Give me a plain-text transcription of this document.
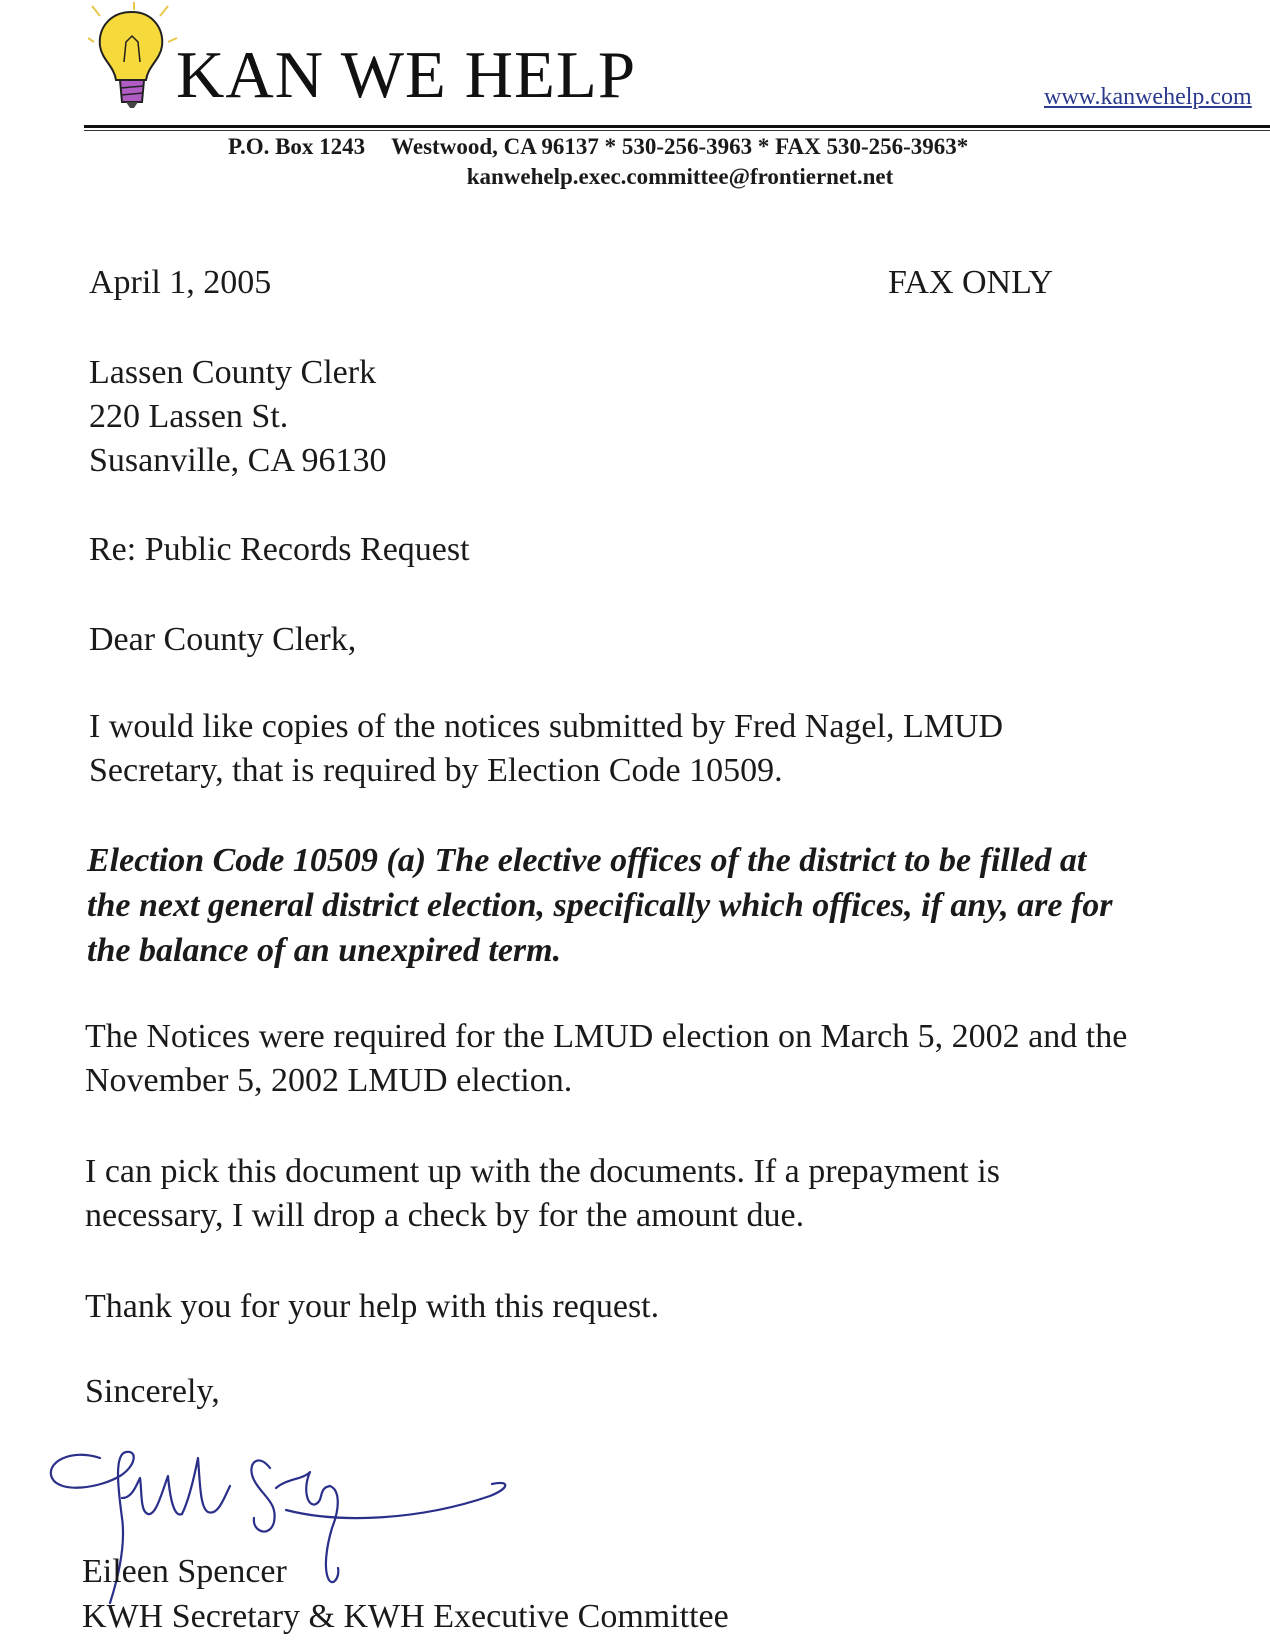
KAN WE HELP	www.kanwehelp.com
P.O. Box 1243 Westwood, CA 96137 * 530-256-3963 * FAX 530-256-3963*
kanwehelp.exec.committee@frontiernet.net
April 1, 2005	FAX ONLY
Lassen County Clerk
220 Lassen St.
Susanville, CA 96130
Re: Public Records Request
Dear County Clerk,
I would like copies of the notices submitted by Fred Nagel, LMUD
Secretary, that is required by Election Code 10509.
Election Code 10509 (a) The elective offices of the district to be filled at
the next general district election, specifically which offices, if any, are for
the balance of an unexpired term.
The Notices were required for the LMUD election on March 5, 2002 and the
November 5, 2002 LMUD election.
I can pick this document up with the documents. If a prepayment is
necessary, I will drop a check by for the amount due.
Thank you for your help with this request.
Sincerely,
Eileen Spencer
KWH Secretary & KWH Executive Committee
